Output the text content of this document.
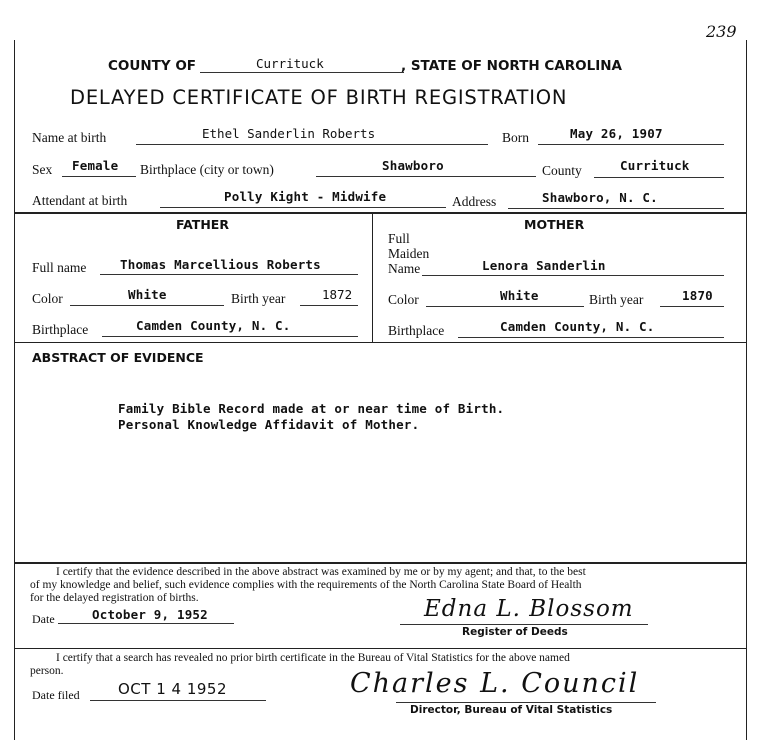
239
COUNTY OF	Currituck	, STATE OF NORTH CAROLINA
DELAYED CERTIFICATE OF BIRTH REGISTRATION
Name at birth	Ethel Sanderlin Roberts	Born	May 26, 1907
Sex Female Birthplace (city or town)	Shawboro	County	Currituck
Attendant at birth	Polly Kight - Midwife	Address	Shawboro, N. C.
FATHER
Full name	Thomas Marcellious Roberts
Color	White	Birth year	1872
Birthplace	Camden County, N. C.
MOTHER
Full
Maiden
Name	Lenora Sanderlin
Color	White	Birth year	1870
Birthplace	Camden County, N. C.
ABSTRACT OF EVIDENCE
Family Bible Record made at or near time of Birth.
Personal Knowledge Affidavit of Mother.
I certify that the evidence described in the above abstract was examined by me or by my agent; and that, to the best
of my knowledge and belief, such evidence complies with the requirements of the North Carolina State Board of Health
for the delayed registration of births.
Date	October 9, 1952	Edna L. Blossom
Register of Deeds
I certify that a search has revealed no prior birth certificate in the Bureau of Vital Statistics for the above named
person.
Date filed	OCT 1 4 1952	Charles L. Council
Director, Bureau of Vital Statistics
